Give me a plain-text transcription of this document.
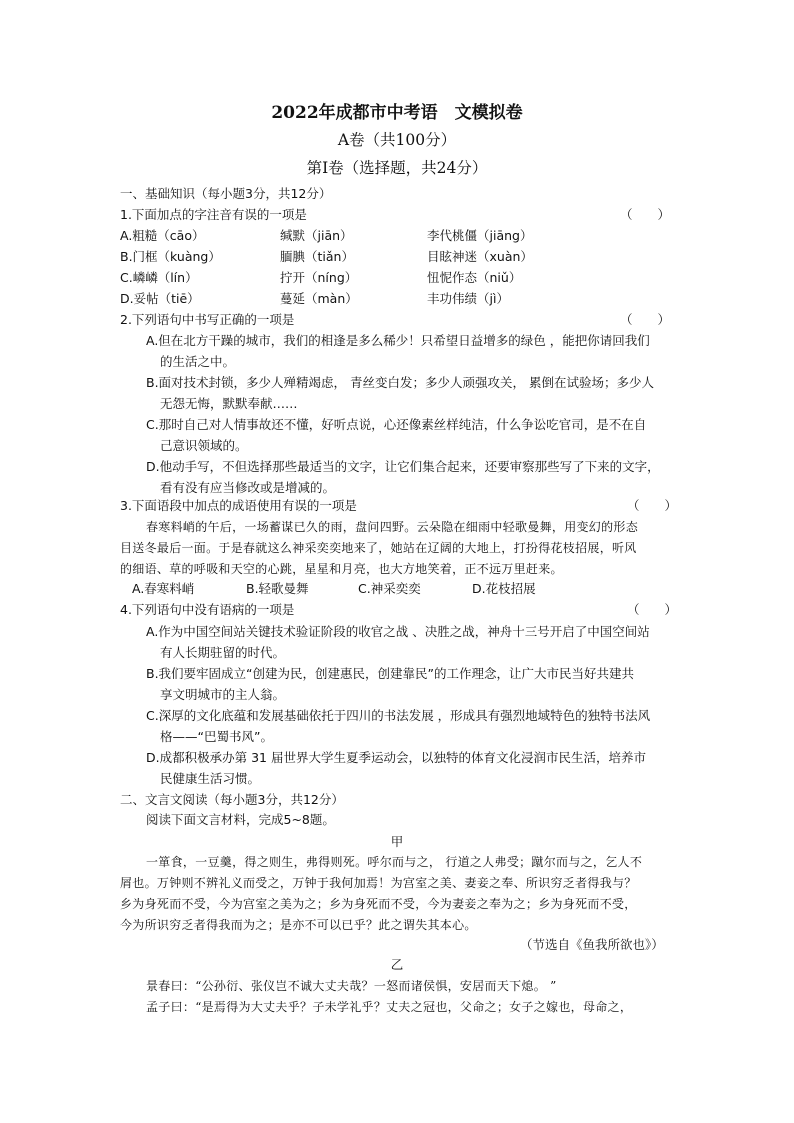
2022年成都市中考语　文模拟卷
A卷（共100分）
第Ⅰ卷（选择题，共24分）
一、基础知识（每小题3分，共12分）
1.下面加点的字注音有误的一项是	（　　）
A.粗糙（cāo）	缄默（jiān）	李代桃僵（jiāng）
B.门框（kuàng）	腼腆（tiǎn）	目眩神迷（xuàn）
C.嶙嶙（lín）	拧开（níng）	忸怩作态（niǔ）
D.妥帖（tiē）	蔓延（màn）	丰功伟绩（jì）
2.下列语句中书写正确的一项是	（　　）
A.但在北方干躁的城市，我们的相逢是多么稀少！只希望日益增多的绿色 ，能把你请回我们
的生活之中。
B.面对技术封锁，多少人殚精竭虑， 青丝变白发；多少人顽强攻关， 累倒在试验场；多少人
无怨无悔，默默奉献……
C.那时自己对人情事故还不懂，好听点说，心还像素丝样纯洁，什么争讼吃官司，是不在自
己意识领域的。
D.他动手写，不但选择那些最适当的文字，让它们集合起来，还要审察那些写了下来的文字，
看有没有应当修改或是增减的。
3.下面语段中加点的成语使用有误的一项是	（　　）
春寒料峭的午后，一场蓄谋已久的雨，盘问四野。云朵隐在细雨中轻歌曼舞，用变幻的形态
目送冬最后一面。于是春就这么神采奕奕地来了，她站在辽阔的大地上，打扮得花枝招展，听风
的细语、草的呼吸和天空的心跳，星星和月亮，也大方地笑着，正不远万里赶来。
A.春寒料峭	B.轻歌曼舞	C.神采奕奕	D.花枝招展
4.下列语句中没有语病的一项是	（　　）
A.作为中国空间站关键技术验证阶段的收官之战 、决胜之战，神舟十三号开启了中国空间站
有人长期驻留的时代。
B.我们要牢固成立“创建为民，创建惠民，创建靠民”的工作理念，让广大市民当好共建共
享文明城市的主人翁。
C.深厚的文化底蕴和发展基础依托于四川的书法发展 ，形成具有强烈地域特色的独特书法风
格——“巴蜀书风”。
D.成都积极承办第 31 届世界大学生夏季运动会，以独特的体育文化浸润市民生活，培养市
民健康生活习惯。
二、文言文阅读（每小题3分，共12分）
阅读下面文言材料，完成5~8题。
甲
一箪食，一豆羹，得之则生，弗得则死。呼尔而与之， 行道之人弗受；蹴尔而与之，乞人不
屑也。万钟则不辨礼义而受之，万钟于我何加焉！为宫室之美、妻妾之奉、所识穷乏者得我与？
乡为身死而不受，今为宫室之美为之；乡为身死而不受，今为妻妾之奉为之；乡为身死而不受，
今为所识穷乏者得我而为之；是亦不可以已乎？此之谓失其本心。
（节选自《鱼我所欲也》）
乙
景春曰：“公孙衍、张仪岂不诚大丈夫哉？一怒而诸侯惧，安居而天下熄。 ”
孟子曰：“是焉得为大丈夫乎？子未学礼乎？丈夫之冠也，父命之；女子之嫁也，母命之，
